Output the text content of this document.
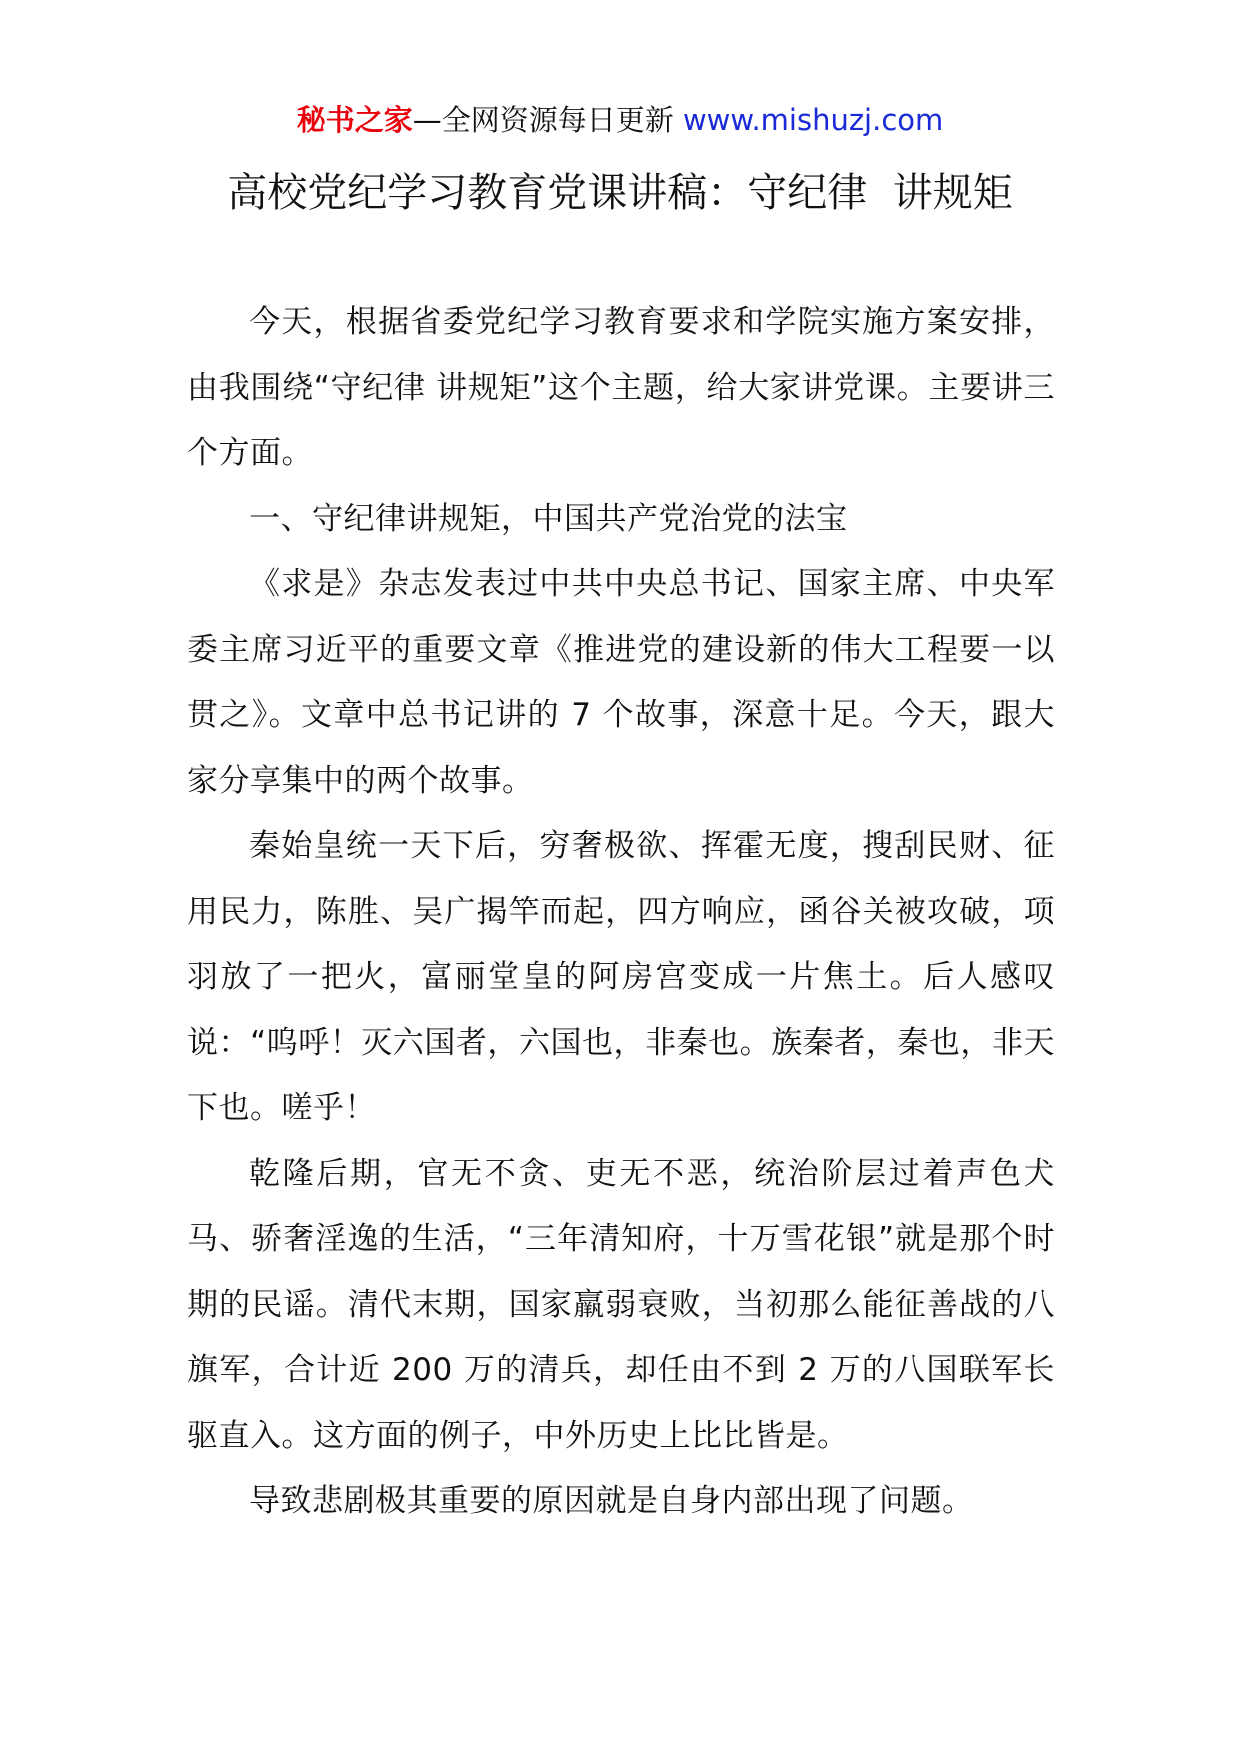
秘书之家—全网资源每日更新 www.mishuzj.com
高校党纪学习教育党课讲稿：守纪律  讲规矩

今天，根据省委党纪学习教育要求和学院实施方案安排，由我围绕“守纪律 讲规矩”这个主题，给大家讲党课。主要讲三个方面。

一、守纪律讲规矩，中国共产党治党的法宝

《求是》杂志发表过中共中央总书记、国家主席、中央军委主席习近平的重要文章《推进党的建设新的伟大工程要一以贯之》。文章中总书记讲的 7 个故事，深意十足。今天，跟大家分享集中的两个故事。

秦始皇统一天下后，穷奢极欲、挥霍无度，搜刮民财、征用民力，陈胜、吴广揭竿而起，四方响应，函谷关被攻破，项羽放了一把火，富丽堂皇的阿房宫变成一片焦土。后人感叹说：“呜呼！灭六国者，六国也，非秦也。族秦者，秦也，非天下也。嗟乎！

乾隆后期，官无不贪、吏无不恶，统治阶层过着声色犬马、骄奢淫逸的生活，“三年清知府，十万雪花银”就是那个时期的民谣。清代末期，国家羸弱衰败，当初那么能征善战的八旗军，合计近 200 万的清兵，却任由不到 2 万的八国联军长驱直入。这方面的例子，中外历史上比比皆是。

导致悲剧极其重要的原因就是自身内部出现了问题。
